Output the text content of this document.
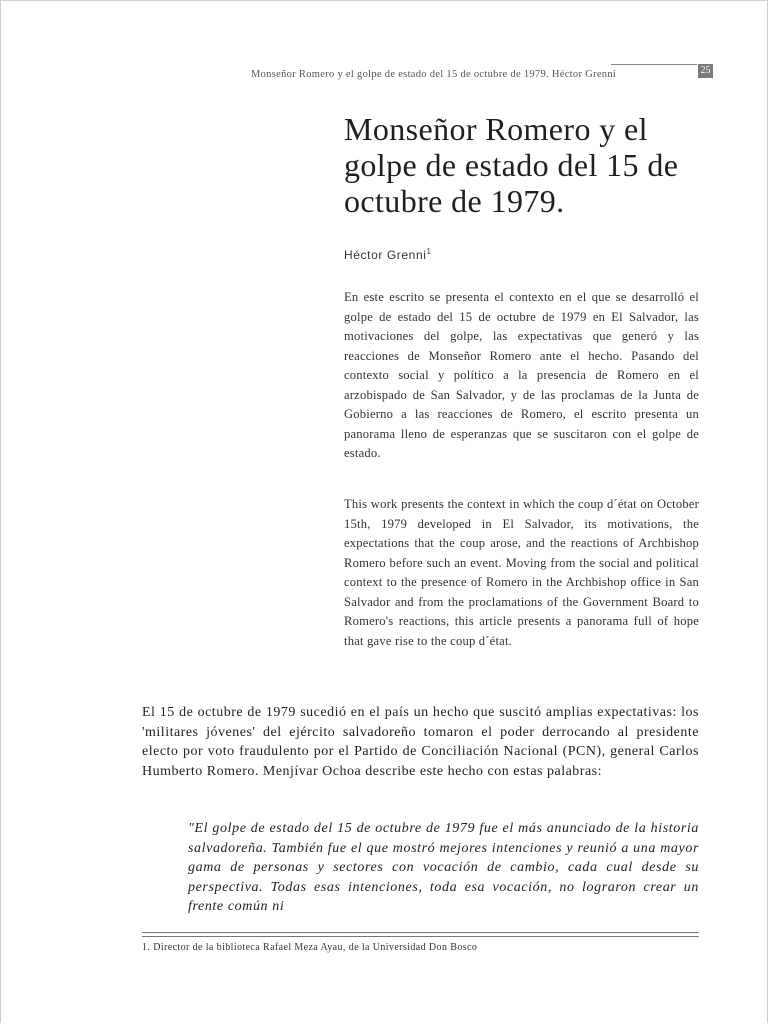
Monseñor Romero y el golpe de estado del 15 de octubre de 1979. Héctor Grenni	25
Monseñor Romero y el golpe de estado del 15 de octubre de 1979.
Héctor Grenni$^1$

En este escrito se presenta el contexto en el que se desarrolló el golpe de estado del 15 de octubre de 1979 en El Salvador, las motivaciones del golpe, las expectativas que generó y las reacciones de Monseñor Romero ante el hecho. Pasando del contexto social y político a la presencia de Romero en el arzobispado de San Salvador, y de las proclamas de la Junta de Gobierno a las reacciones de Romero, el escrito presenta un panorama lleno de esperanzas que se suscitaron con el golpe de estado.

This work presents the context in which the coup d´état on October 15th, 1979 developed in El Salvador, its motivations, the expectations that the coup arose, and the reactions of Archbishop Romero before such an event. Moving from the social and political context to the presence of Romero in the Archbishop office in San Salvador and from the proclamations of the Government Board to Romero's reactions, this article presents a panorama full of hope that gave rise to the coup d´état.

El 15 de octubre de 1979 sucedió en el país un hecho que suscitó amplias expectativas: los 'militares jóvenes' del ejército salvadoreño tomaron el poder derrocando al presidente electo por voto fraudulento por el Partido de Conciliación Nacional (PCN), general Carlos Humberto Romero. Menjívar Ochoa describe este hecho con estas palabras:

"El golpe de estado del 15 de octubre de 1979 fue el más anunciado de la historia salvadoreña. También fue el que mostró mejores intenciones y reunió a una mayor gama de personas y sectores con vocación de cambio, cada cual desde su perspectiva. Todas esas intenciones, toda esa vocación, no lograron crear un frente común ni

1. Director de la biblioteca Rafael Meza Ayau, de la Universidad Don Bosco
